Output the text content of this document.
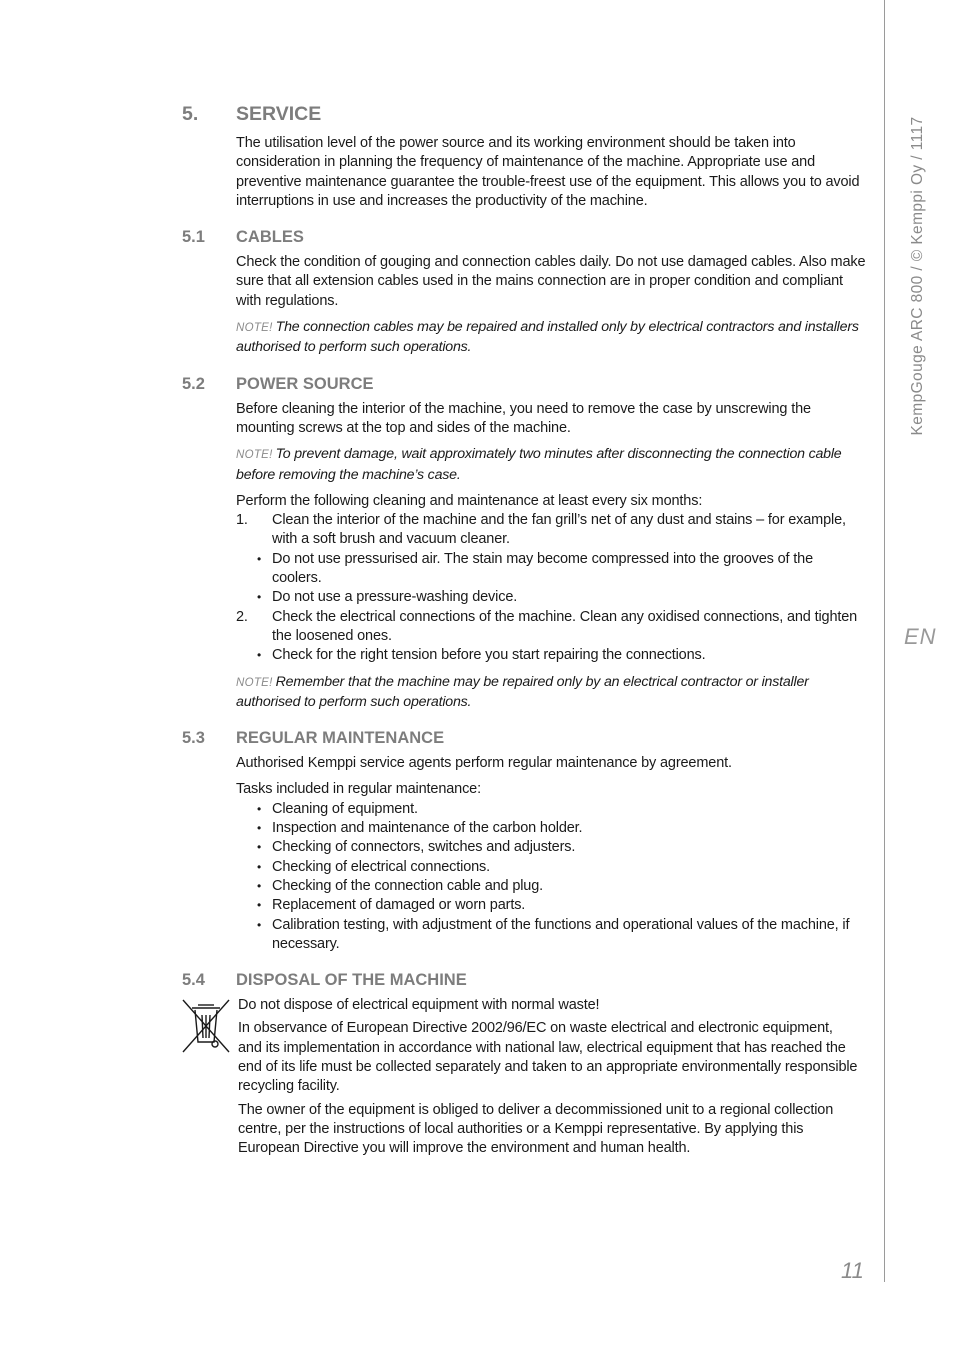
KempGouge ARC 800 / © Kemppi Oy / 1117
EN
11
5. SERVICE

The utilisation level of the power source and its working environment should be taken into consideration in planning the frequency of maintenance of the machine. Appropriate use and preventive maintenance guarantee the trouble-freest use of the equipment. This allows you to avoid interruptions in use and increases the productivity of the machine.

5.1 CABLES

Check the condition of gouging and connection cables daily. Do not use damaged cables. Also make sure that all extension cables used in the mains connection are in proper condition and compliant with regulations.

NOTE! The connection cables may be repaired and installed only by electrical contractors and installers authorised to perform such operations.

5.2 POWER SOURCE

Before cleaning the interior of the machine, you need to remove the case by unscrewing the mounting screws at the top and sides of the machine.

NOTE! To prevent damage, wait approximately two minutes after disconnecting the connection cable before removing the machine’s case.

Perform the following cleaning and maintenance at least every six months:

1. Clean the interior of the machine and the fan grill’s net of any dust and stains – for example, with a soft brush and vacuum cleaner.
• Do not use pressurised air. The stain may become compressed into the grooves of the coolers.
• Do not use a pressure-washing device.
2. Check the electrical connections of the machine. Clean any oxidised connections, and tighten the loosened ones.
• Check for the right tension before you start repairing the connections.

NOTE! Remember that the machine may be repaired only by an electrical contractor or installer authorised to perform such operations.

5.3 REGULAR MAINTENANCE

Authorised Kemppi service agents perform regular maintenance by agreement.

Tasks included in regular maintenance:

• Cleaning of equipment.
• Inspection and maintenance of the carbon holder.
• Checking of connectors, switches and adjusters.
• Checking of electrical connections.
• Checking of the connection cable and plug.
• Replacement of damaged or worn parts.
• Calibration testing, with adjustment of the functions and operational values of the machine, if necessary.
5.4 DISPOSAL OF THE MACHINE

Do not dispose of electrical equipment with normal waste!

In observance of European Directive 2002/96/EC on waste electrical and electronic equipment, and its implementation in accordance with national law, electrical equipment that has reached the end of its life must be collected separately and taken to an appropriate environmentally responsible recycling facility.

The owner of the equipment is obliged to deliver a decommissioned unit to a regional collection centre, per the instructions of local authorities or a Kemppi representative. By applying this European Directive you will improve the environment and human health.
